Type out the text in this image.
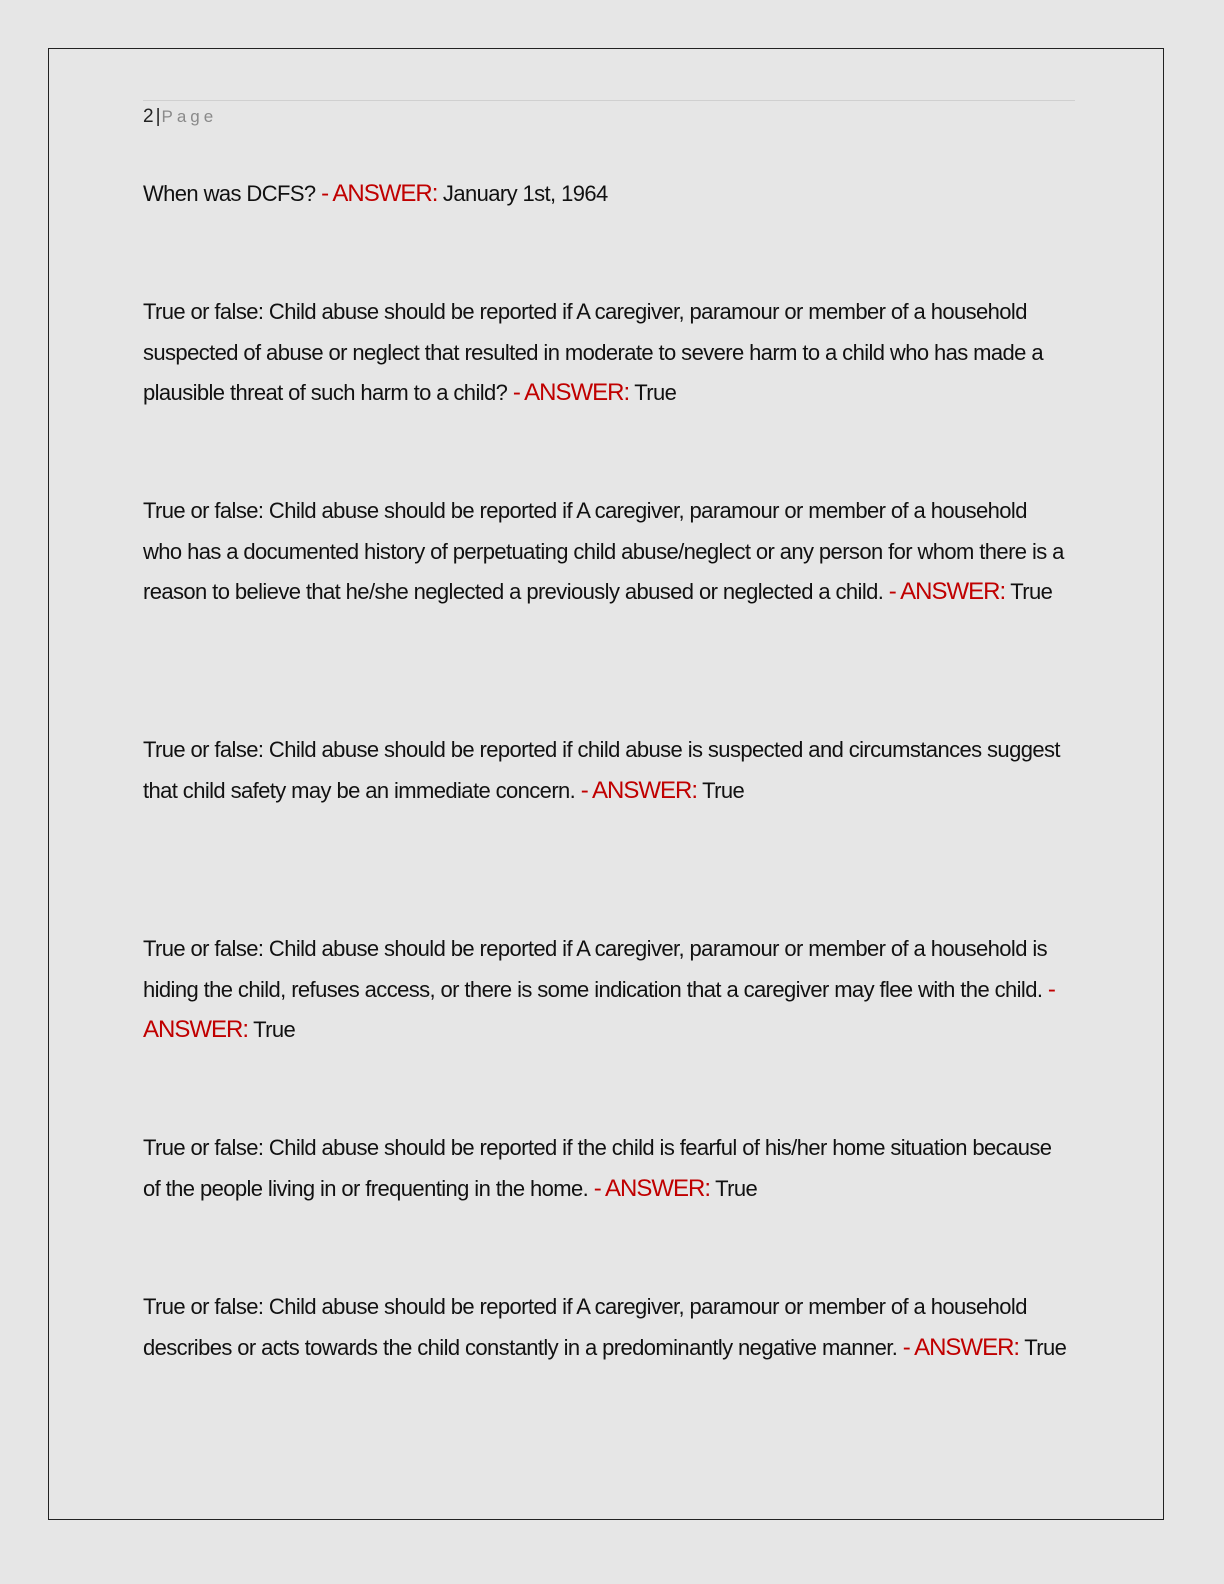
2 |Page

When was DCFS? - ANSWER: January 1st, 1964

True or false: Child abuse should be reported if A caregiver, paramour or member of a household suspected of abuse or neglect that resulted in moderate to severe harm to a child who has made a plausible threat of such harm to a child? - ANSWER: True

True or false: Child abuse should be reported if A caregiver, paramour or member of a household who has a documented history of perpetuating child abuse/neglect or any person for whom there is a reason to believe that he/she neglected a previously abused or neglected a child. - ANSWER: True

True or false: Child abuse should be reported if child abuse is suspected and circumstances suggest that child safety may be an immediate concern. - ANSWER: True

True or false: Child abuse should be reported if A caregiver, paramour or member of a household is hiding the child, refuses access, or there is some indication that a caregiver may flee with the child. - ANSWER: True

True or false: Child abuse should be reported if the child is fearful of his/her home situation because of the people living in or frequenting in the home. - ANSWER: True

True or false: Child abuse should be reported if A caregiver, paramour or member of a household describes or acts towards the child constantly in a predominantly negative manner. - ANSWER: True
